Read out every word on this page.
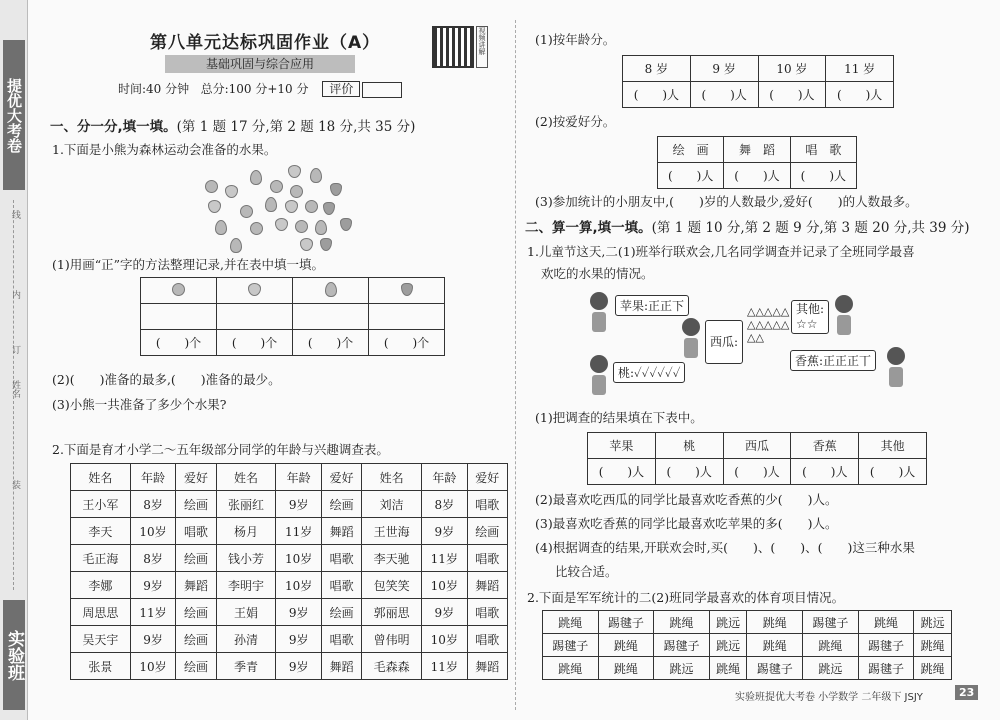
提优大考卷
线
内
订
姓名
装
实验班
第八单元达标巩固作业（A）
基础巩固与综合应用
视频讲解
时间:40 分钟 总分:100 分+10 分 评价
一、分一分,填一填。(第 1 题 17 分,第 2 题 18 分,共 35 分)
1.下面是小熊为森林运动会准备的水果。
(1)用画“正”字的方法整理记录,并在表中填一填。

(　　)个	(　　)个	(　　)个	(　　)个
(2)(　　)准备的最多,(　　)准备的最少。
(3)小熊一共准备了多少个水果?
2.下面是育才小学二～五年级部分同学的年龄与兴趣调查表。
姓名	年龄	爱好	姓名	年龄	爱好	姓名	年龄	爱好
王小军	8岁	绘画	张丽红	9岁	绘画	刘洁	8岁	唱歌
李天	10岁	唱歌	杨月	11岁	舞蹈	王世海	9岁	绘画
毛正海	8岁	绘画	钱小芳	10岁	唱歌	李天驰	11岁	唱歌
李娜	9岁	舞蹈	李明宇	10岁	唱歌	包笑笑	10岁	舞蹈
周思思	11岁	绘画	王娟	9岁	绘画	郭丽思	9岁	唱歌
吴天宇	9岁	绘画	孙清	9岁	唱歌	曾伟明	10岁	唱歌
张景	10岁	绘画	季青	9岁	舞蹈	毛森森	11岁	舞蹈
(1)按年龄分。
8 岁	9 岁	10 岁	11 岁
(　　)人	(　　)人	(　　)人	(　　)人
(2)按爱好分。
绘　画	舞　蹈	唱　歌
(　　)人	(　　)人	(　　)人
(3)参加统计的小朋友中,(　　)岁的人数最少,爱好(　　)的人数最多。
二、算一算,填一填。(第 1 题 10 分,第 2 题 9 分,第 3 题 20 分,共 39 分)
1.儿童节这天,二(1)班举行联欢会,几名同学调查并记录了全班同学最喜
欢吃的水果的情况。
苹果:正正下
西瓜:
△△△△△△△△△△△△
其他:
☆☆
桃:✓✓✓✓✓✓
香蕉:正正正丅
(1)把调查的结果填在下表中。
苹果	桃	西瓜	香蕉	其他
(　　)人	(　　)人	(　　)人	(　　)人	(　　)人
(2)最喜欢吃西瓜的同学比最喜欢吃香蕉的少(　　)人。
(3)最喜欢吃香蕉的同学比最喜欢吃苹果的多(　　)人。
(4)根据调查的结果,开联欢会时,买(　　)、(　　)、(　　)这三种水果
比较合适。
2.下面是军军统计的二(2)班同学最喜欢的体育项目情况。
跳绳	踢毽子	跳绳	跳远	跳绳	踢毽子	跳绳	跳远
踢毽子	跳绳	踢毽子	跳远	跳绳	跳绳	踢毽子	跳绳
跳绳	跳绳	跳远	跳绳	踢毽子	跳远	踢毽子	跳绳
实验班提优大考卷 小学数学 二年级下 JSJY	23
